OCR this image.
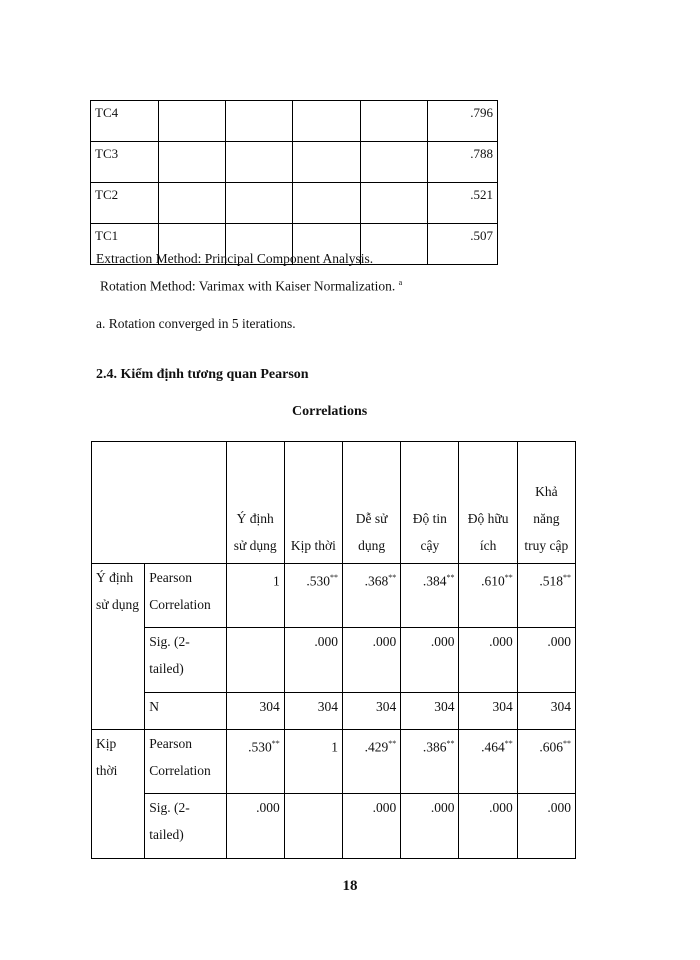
TC4					.796
TC3					.788
TC2					.521
TC1					.507
Extraction Method: Principal Component Analysis.
Rotation Method: Varimax with Kaiser Normalization. $^a$
a. Rotation converged in 5 iterations.
2.4. Kiểm định tương quan Pearson
Correlations
		Ý định sử dụng	Kịp thời	Dễ sử dụng	Độ tin cậy	Độ hữu ích	Khả năng truy cập
Ý định sử dụng	Pearson Correlation	1	.530**	.368**	.384**	.610**	.518**
	Sig. (2-tailed)		.000	.000	.000	.000	.000
	N	304	304	304	304	304	304
Kịp thời	Pearson Correlation	.530**	1	.429**	.386**	.464**	.606**
	Sig. (2-tailed)	.000		.000	.000	.000	.000
18
